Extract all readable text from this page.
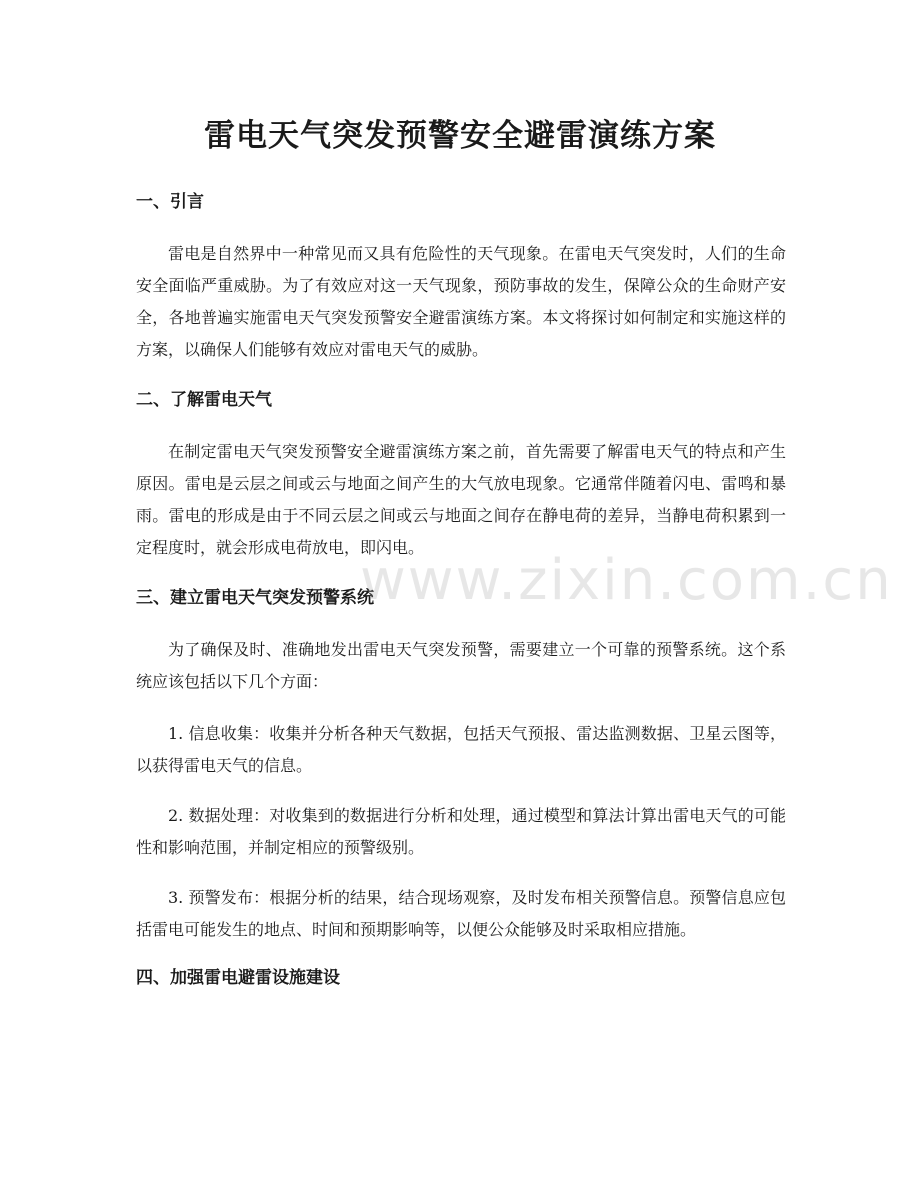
雷电天气突发预警安全避雷演练方案
一、引言

雷电是自然界中一种常见而又具有危险性的天气现象。在雷电天气突发时，人们的生命安全面临严重威胁。为了有效应对这一天气现象，预防事故的发生，保障公众的生命财产安全，各地普遍实施雷电天气突发预警安全避雷演练方案。本文将探讨如何制定和实施这样的方案，以确保人们能够有效应对雷电天气的威胁。

二、了解雷电天气

在制定雷电天气突发预警安全避雷演练方案之前，首先需要了解雷电天气的特点和产生原因。雷电是云层之间或云与地面之间产生的大气放电现象。它通常伴随着闪电、雷鸣和暴雨。雷电的形成是由于不同云层之间或云与地面之间存在静电荷的差异，当静电荷积累到一定程度时，就会形成电荷放电，即闪电。

三、建立雷电天气突发预警系统

为了确保及时、准确地发出雷电天气突发预警，需要建立一个可靠的预警系统。这个系统应该包括以下几个方面：

1. 信息收集：收集并分析各种天气数据，包括天气预报、雷达监测数据、卫星云图等，以获得雷电天气的信息。

2. 数据处理：对收集到的数据进行分析和处理，通过模型和算法计算出雷电天气的可能性和影响范围，并制定相应的预警级别。

3. 预警发布：根据分析的结果，结合现场观察，及时发布相关预警信息。预警信息应包括雷电可能发生的地点、时间和预期影响等，以便公众能够及时采取相应措施。

四、加强雷电避雷设施建设
www.zixin.com.cn
